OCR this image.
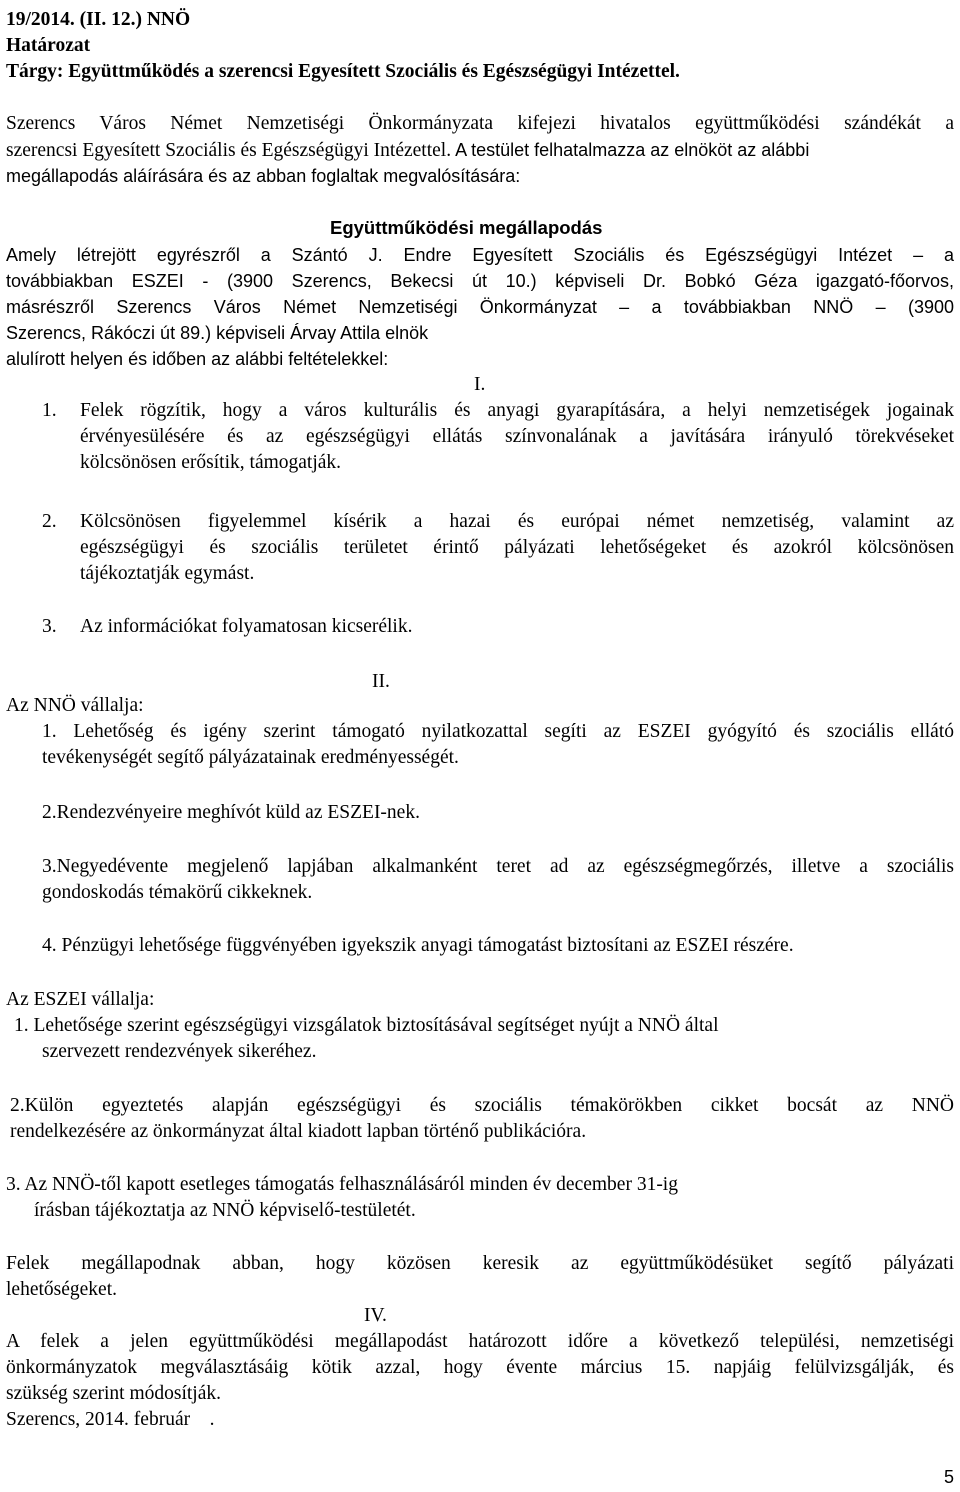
19/2014. (II. 12.) NNÖ
Határozat
Tárgy: Együttműködés a szerencsi Egyesített Szociális és Egészségügyi Intézettel.
Szerencs Város Német Nemzetiségi Önkormányzata kifejezi hivatalos együttműködési szándékát a
szerencsi Egyesített Szociális és Egészségügyi Intézettel. A testület felhatalmazza az elnököt az alábbi
megállapodás aláírására és az abban foglaltak megvalósítására:
Együttműködési megállapodás
Amely létrejött egyrészről a Szántó J. Endre Egyesített Szociális és Egészségügyi Intézet – a
továbbiakban ESZEI - (3900 Szerencs, Bekecsi út 10.) képviseli Dr. Bobkó Géza igazgató-főorvos,
másrészről Szerencs Város Német Nemzetiségi Önkormányzat – a továbbiakban NNÖ – (3900
Szerencs, Rákóczi út 89.) képviseli Árvay Attila elnök
alulírott helyen és időben az alábbi feltételekkel:
I.
1. Felek rögzítik, hogy a város kulturális és anyagi gyarapítására, a helyi nemzetiségek jogainak
érvényesülésére és az egészségügyi ellátás színvonalának a javítására irányuló törekvéseket
kölcsönösen erősítik, támogatják.
2. Kölcsönösen figyelemmel kísérik a hazai és európai német nemzetiség, valamint az
egészségügyi és szociális területet érintő pályázati lehetőségeket és azokról kölcsönösen
tájékoztatják egymást.
3. Az információkat folyamatosan kicserélik.
II.
Az NNÖ vállalja:
1. Lehetőség és igény szerint támogató nyilatkozattal segíti az ESZEI gyógyító és szociális ellátó
tevékenységét segítő pályázatainak eredményességét.
2.Rendezvényeire meghívót küld az ESZEI-nek.
3.Negyedévente megjelenő lapjában alkalmanként teret ad az egészségmegőrzés, illetve a szociális
gondoskodás témakörű cikkeknek.
4. Pénzügyi lehetősége függvényében igyekszik anyagi támogatást biztosítani az ESZEI részére.
Az ESZEI vállalja:
1. Lehetősége szerint egészségügyi vizsgálatok biztosításával segítséget nyújt a NNÖ által
szervezett rendezvények sikeréhez.
2.Külön egyeztetés alapján egészségügyi és szociális témakörökben cikket bocsát az NNÖ
rendelkezésére az önkormányzat által kiadott lapban történő publikációra.
3. Az NNÖ-től kapott esetleges támogatás felhasználásáról minden év december 31-ig
írásban tájékoztatja az NNÖ képviselő-testületét.
Felek megállapodnak abban, hogy közösen keresik az együttműködésüket segítő pályázati
lehetőségeket.
IV.
A felek a jelen együttműködési megállapodást határozott időre a következő települési, nemzetiségi
önkormányzatok megválasztásáig kötik azzal, hogy évente március 15. napjáig felülvizsgálják, és
szükség szerint módosítják.
Szerencs, 2014. február    .
5
